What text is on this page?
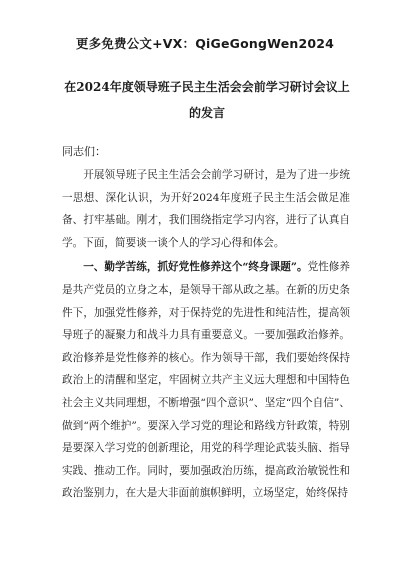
更多免费公文+VX：QiGeGongWen2024
在2024年度领导班子民主生活会会前学习研讨会议上的发言
同志们：

开展领导班子民主生活会会前学习研讨，是为了进一步统一思想、深化认识，为开好2024年度班子民主生活会做足准备、打牢基础。刚才，我们围绕指定学习内容，进行了认真自学。下面，简要谈一谈个人的学习心得和体会。

一、勤学苦练，抓好党性修养这个“终身课题”。党性修养是共产党员的立身之本，是领导干部从政之基。在新的历史条件下，加强党性修养，对于保持党的先进性和纯洁性，提高领导班子的凝聚力和战斗力具有重要意义。一要加强政治修养。政治修养是党性修养的核心。作为领导干部，我们要始终保持政治上的清醒和坚定，牢固树立共产主义远大理想和中国特色社会主义共同理想，不断增强“四个意识”、坚定“四个自信”、做到“两个维护”。要深入学习党的理论和路线方针政策，特别是要深入学习党的创新理论，用党的科学理论武装头脑、指导实践、推动工作。同时，要加强政治历练，提高政治敏锐性和政治鉴别力，在大是大非面前旗帜鲜明，立场坚定，始终保持
